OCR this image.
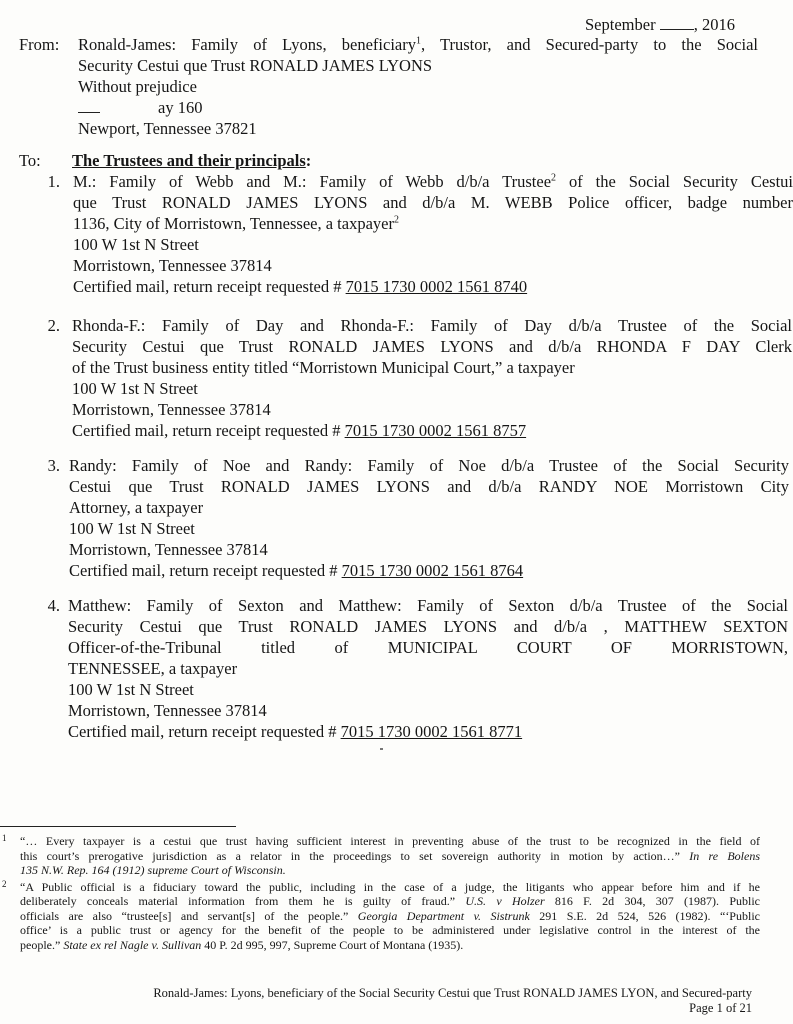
September , 2016
From: Ronald-James: Family of Lyons, beneficiary$^1$, Trustor, and Secured-party to the Social
Security Cestui que Trust RONALD JAMES LYONS
Without prejudice
ay 160
Newport, Tennessee 37821
To: The Trustees and their principals:
1. M.: Family of Webb and M.: Family of Webb d/b/a Trustee$^2$ of the Social Security Cestui
que Trust RONALD JAMES LYONS and d/b/a M. WEBB Police officer, badge number
1136, City of Morristown, Tennessee, a taxpayer$^2$
100 W 1st N Street
Morristown, Tennessee 37814
Certified mail, return receipt requested # 7015 1730 0002 1561 8740
2. Rhonda-F.: Family of Day and Rhonda-F.: Family of Day d/b/a Trustee of the Social
Security Cestui que Trust RONALD JAMES LYONS and d/b/a RHONDA F DAY Clerk
of the Trust business entity titled “Morristown Municipal Court,” a taxpayer
100 W 1st N Street
Morristown, Tennessee 37814
Certified mail, return receipt requested # 7015 1730 0002 1561 8757
3. Randy: Family of Noe and Randy: Family of Noe d/b/a Trustee of the Social Security
Cestui que Trust RONALD JAMES LYONS and d/b/a RANDY NOE Morristown City
Attorney, a taxpayer
100 W 1st N Street
Morristown, Tennessee 37814
Certified mail, return receipt requested # 7015 1730 0002 1561 8764
4. Matthew: Family of Sexton and Matthew: Family of Sexton d/b/a Trustee of the Social
Security Cestui que Trust RONALD JAMES LYONS and d/b/a , MATTHEW SEXTON
Officer-of-the-Tribunal titled of MUNICIPAL COURT OF MORRISTOWN,
TENNESSEE, a taxpayer
100 W 1st N Street
Morristown, Tennessee 37814
Certified mail, return receipt requested # 7015 1730 0002 1561 8771
1 “… Every taxpayer is a cestui que trust having sufficient interest in preventing abuse of the trust to be recognized in the field of
this court’s prerogative jurisdiction as a relator in the proceedings to set sovereign authority in motion by action…” In re Bolens
135 N.W. Rep. 164 (1912) supreme Court of Wisconsin.
2 “A Public official is a fiduciary toward the public, including in the case of a judge, the litigants who appear before him and if he
deliberately conceals material information from them he is guilty of fraud.” U.S. v Holzer 816 F. 2d 304, 307 (1987). Public
officials are also “trustee[s] and servant[s] of the people.” Georgia Department v. Sistrunk 291 S.E. 2d 524, 526 (1982). “‘Public
office’ is a public trust or agency for the benefit of the people to be administered under legislative control in the interest of the
people.” State ex rel Nagle v. Sullivan 40 P. 2d 995, 997, Supreme Court of Montana (1935).
Ronald-James: Lyons, beneficiary of the Social Security Cestui que Trust RONALD JAMES LYON, and Secured-party
Page 1 of 21
